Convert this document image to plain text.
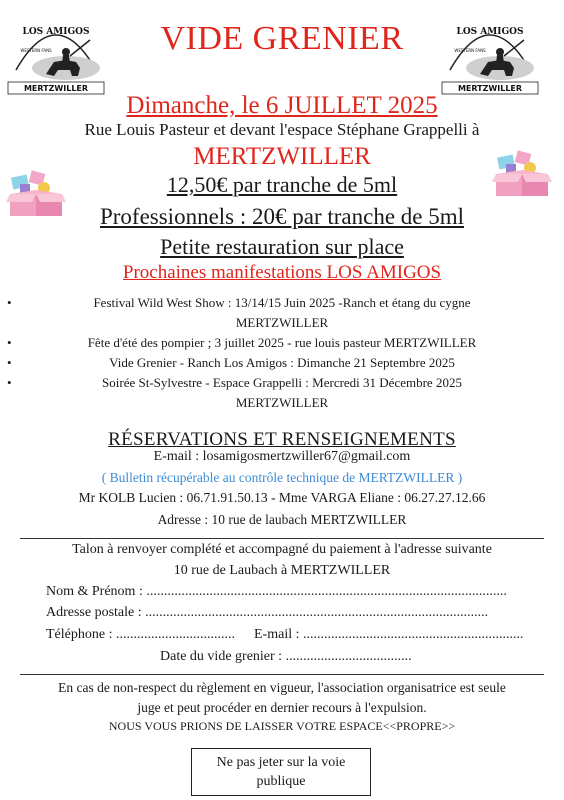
LOS AMIGOS
WESTERN FANS
MERTZWILLER
LOS AMIGOS
WESTERN FANS
MERTZWILLER
VIDE GRENIER
Dimanche, le 6 JUILLET 2025
Rue Louis Pasteur et devant l'espace Stéphane Grappelli à
MERTZWILLER
12,50€ par tranche de 5ml
Professionnels : 20€ par tranche de 5ml
Petite restauration sur place
Prochaines manifestations LOS AMIGOS
•	Festival Wild West Show : 13/14/15 Juin 2025 -Ranch et étang du cygne
MERTZWILLER
•	Fête d'été des pompier ; 3 juillet 2025 - rue louis pasteur MERTZWILLER
•	Vide Grenier - Ranch Los Amigos : Dimanche 21 Septembre 2025
•	Soirée St-Sylvestre - Espace Grappelli : Mercredi 31 Décembre 2025
MERTZWILLER
RÉSERVATIONS ET RENSEIGNEMENTS
E-mail : losamigosmertzwiller67@gmail.com
( Bulletin récupérable au contrôle technique de MERTZWILLER )
Mr KOLB Lucien : 06.71.91.50.13 - Mme VARGA Eliane : 06.27.27.12.66
Adresse : 10 rue de laubach MERTZWILLER
Talon à renvoyer complété et accompagné du paiement à l'adresse suivante
10 rue de Laubach à MERTZWILLER
Nom & Prénom : .......................................................................................................
Adresse postale : ..................................................................................................
Téléphone : .................................. E-mail : ...............................................................
Date du vide grenier : ....................................
En cas de non-respect du règlement en vigueur, l'association organisatrice est seule
juge et peut procéder en dernier recours à l'expulsion.
NOUS VOUS PRIONS DE LAISSER VOTRE ESPACE<<PROPRE>>
Ne pas jeter sur la voie
publique
